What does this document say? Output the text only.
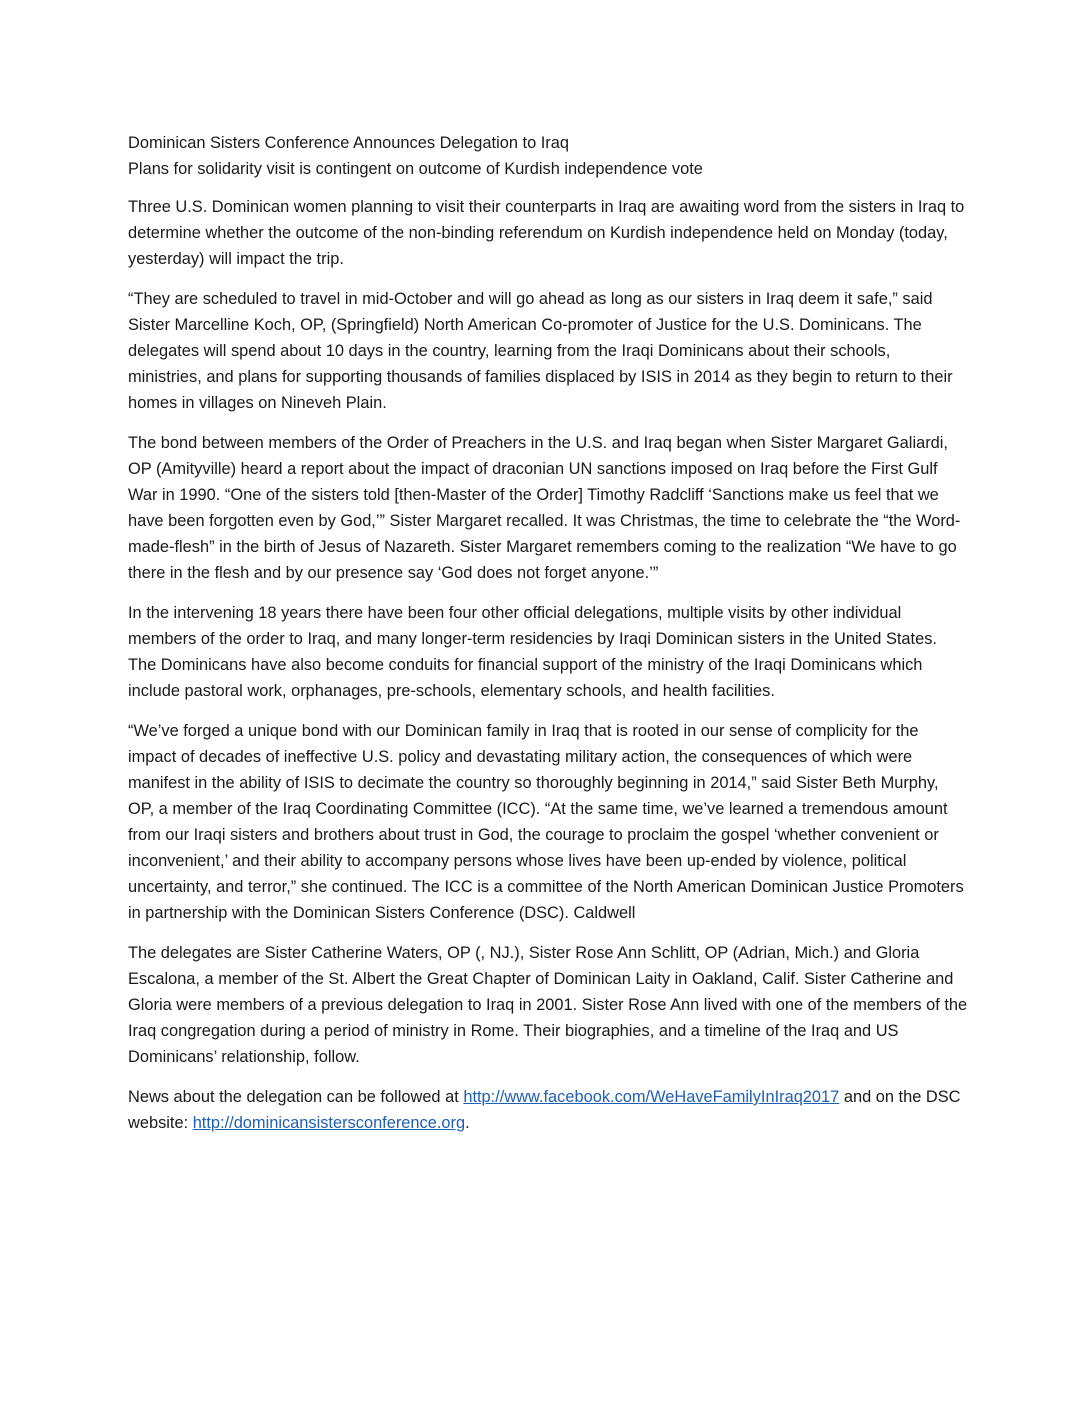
Dominican Sisters Conference Announces Delegation to Iraq
Plans for solidarity visit is contingent on outcome of Kurdish independence vote

Three U.S. Dominican women planning to visit their counterparts in Iraq are awaiting word from the sisters in Iraq to determine whether the outcome of the non-binding referendum on Kurdish independence held on Monday (today, yesterday) will impact the trip.

“They are scheduled to travel in mid-October and will go ahead as long as our sisters in Iraq deem it safe,” said Sister Marcelline Koch, OP, (Springfield) North American Co-promoter of Justice for the U.S. Dominicans. The delegates will spend about 10 days in the country, learning from the Iraqi Dominicans about their schools, ministries, and plans for supporting thousands of families displaced by ISIS in 2014 as they begin to return to their homes in villages on Nineveh Plain.

The bond between members of the Order of Preachers in the U.S. and Iraq began when Sister Margaret Galiardi, OP (Amityville) heard a report about the impact of draconian UN sanctions imposed on Iraq before the First Gulf War in 1990. “One of the sisters told [then-Master of the Order] Timothy Radcliff ‘Sanctions make us feel that we have been forgotten even by God,’” Sister Margaret recalled. It was Christmas, the time to celebrate the “the Word-made-flesh” in the birth of Jesus of Nazareth. Sister Margaret remembers coming to the realization “We have to go there in the flesh and by our presence say ‘God does not forget anyone.’”

In the intervening 18 years there have been four other official delegations, multiple visits by other individual members of the order to Iraq, and many longer-term residencies by Iraqi Dominican sisters in the United States. The Dominicans have also become conduits for financial support of the ministry of the Iraqi Dominicans which include pastoral work, orphanages, pre-schools, elementary schools, and health facilities.

“We’ve forged a unique bond with our Dominican family in Iraq that is rooted in our sense of complicity for the impact of decades of ineffective U.S. policy and devastating military action, the consequences of which were manifest in the ability of ISIS to decimate the country so thoroughly beginning in 2014,” said Sister Beth Murphy, OP, a member of the Iraq Coordinating Committee (ICC). “At the same time, we’ve learned a tremendous amount from our Iraqi sisters and brothers about trust in God, the courage to proclaim the gospel ‘whether convenient or inconvenient,’ and their ability to accompany persons whose lives have been up-ended by violence, political uncertainty, and terror,” she continued. The ICC is a committee of the North American Dominican Justice Promoters in partnership with the Dominican Sisters Conference (DSC). Caldwell

The delegates are Sister Catherine Waters, OP (, NJ.), Sister Rose Ann Schlitt, OP (Adrian, Mich.) and Gloria Escalona, a member of the St. Albert the Great Chapter of Dominican Laity in Oakland, Calif. Sister Catherine and Gloria were members of a previous delegation to Iraq in 2001. Sister Rose Ann lived with one of the members of the Iraq congregation during a period of ministry in Rome. Their biographies, and a timeline of the Iraq and US Dominicans’ relationship, follow.

News about the delegation can be followed at http://www.facebook.com/WeHaveFamilyInIraq2017 and on the DSC website: http://dominicansistersconference.org.
